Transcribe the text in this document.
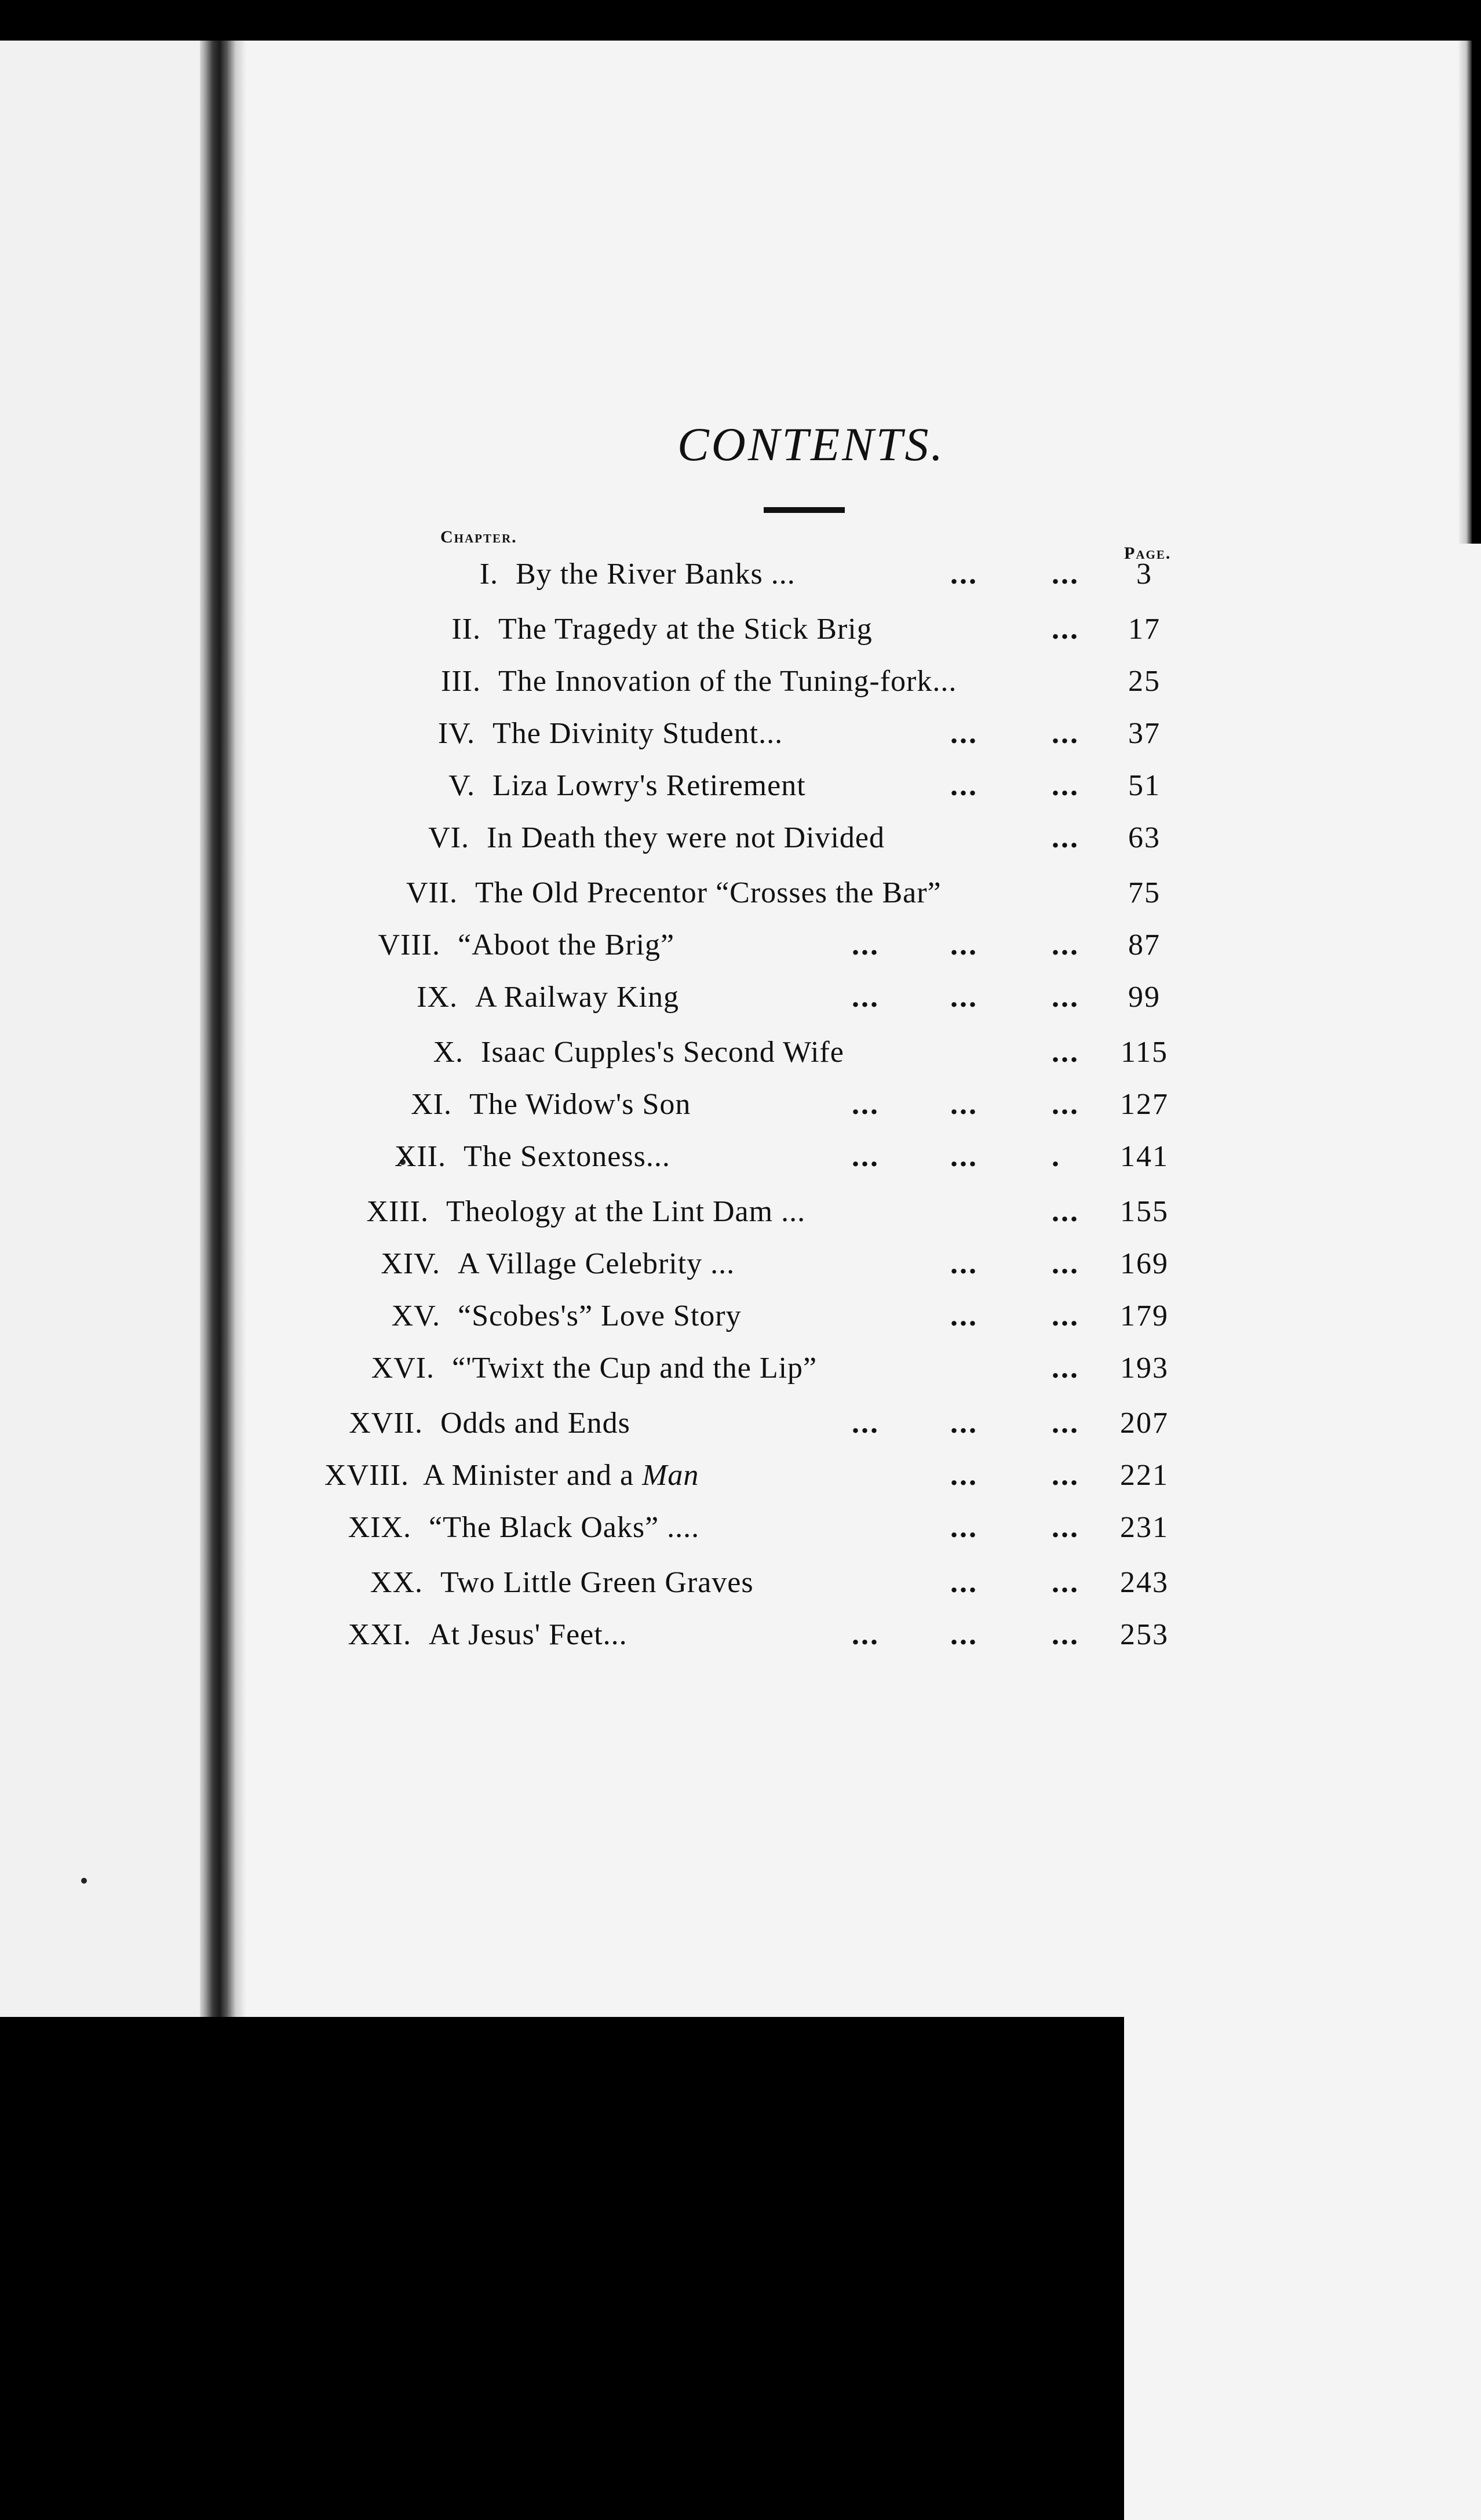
CONTENTS.
Chapter.
Page.
I. By the River Banks ...	... ...	3
II. The Tragedy at the Stick Brig	...	17
III. The Innovation of the Tuning-fork...	25
IV. The Divinity Student...	... ...	37
V. Liza Lowry's Retirement	... ...	51
VI. In Death they were not Divided	...	63
VII. The Old Precentor “Crosses the Bar”	75
VIII. “Aboot the Brig”	... ... ...	87
IX. A Railway King	... ... ...	99
X. Isaac Cupples's Second Wife	... 115
XI. The Widow's Son	... ... ... 127
XII. The Sextoness...	... ... . 141
XIII. Theology at the Lint Dam ...	... 155
XIV. A Village Celebrity ...	... ... 169
XV. “Scobes's” Love Story	... ... 179
XVI. “'Twixt the Cup and the Lip”	... 193
XVII. Odds and Ends	... ... ... 207
XVIII. A Minister and a Man	... ... 221
XIX. “The Black Oaks” ....	... ... 231
XX. Two Little Green Graves	... ... 243
XXI. At Jesus' Feet...	... ... ... 253
